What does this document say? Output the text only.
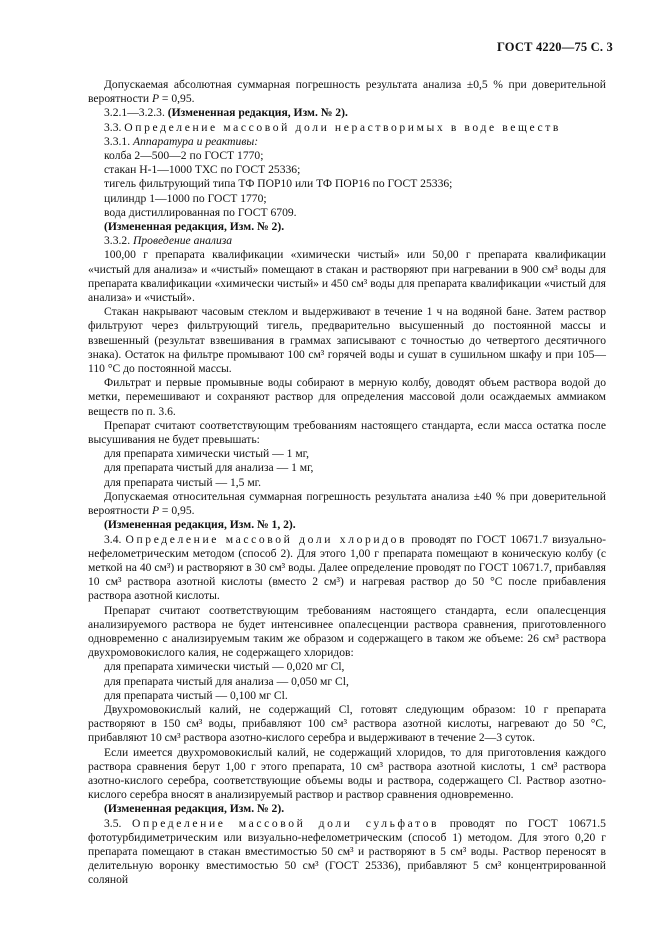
ГОСТ 4220—75 С. 3

Допускаемая абсолютная суммарная погрешность результата анализа ±0,5 % при доверительной вероятности P = 0,95.

3.2.1—3.2.3. (Измененная редакция, Изм. № 2).

3.3. Определение массовой доли нерастворимых в воде веществ

3.3.1. Аппаратура и реактивы:

колба 2—500—2 по ГОСТ 1770;

стакан Н-1—1000 ТХС по ГОСТ 25336;

тигель фильтрующий типа ТФ ПОР10 или ТФ ПОР16 по ГОСТ 25336;

цилиндр 1—1000 по ГОСТ 1770;

вода дистиллированная по ГОСТ 6709.

(Измененная редакция, Изм. № 2).

3.3.2. Проведение анализа

100,00 г препарата квалификации «химически чистый» или 50,00 г препарата квалификации «чистый для анализа» и «чистый» помещают в стакан и растворяют при нагревании в 900 см³ воды для препарата квалификации «химически чистый» и 450 см³ воды для препарата квалификации «чистый для анализа» и «чистый».

Стакан накрывают часовым стеклом и выдерживают в течение 1 ч на водяной бане. Затем раствор фильтруют через фильтрующий тигель, предварительно высушенный до постоянной массы и взвешенный (результат взвешивания в граммах записывают с точностью до четвертого десятичного знака). Остаток на фильтре промывают 100 см³ горячей воды и сушат в сушильном шкафу и при 105—110 °С до постоянной массы.

Фильтрат и первые промывные воды собирают в мерную колбу, доводят объем раствора водой до метки, перемешивают и сохраняют раствор для определения массовой доли осаждаемых аммиаком веществ по п. 3.6.

Препарат считают соответствующим требованиям настоящего стандарта, если масса остатка после высушивания не будет превышать:

для препарата химически чистый — 1 мг,

для препарата чистый для анализа — 1 мг,

для препарата чистый — 1,5 мг.

Допускаемая относительная суммарная погрешность результата анализа ±40 % при доверительной вероятности P = 0,95.

(Измененная редакция, Изм. № 1, 2).

3.4. Определение массовой доли хлоридов проводят по ГОСТ 10671.7 визуально-нефелометрическим методом (способ 2). Для этого 1,00 г препарата помещают в коническую колбу (с меткой на 40 см³) и растворяют в 30 см³ воды. Далее определение проводят по ГОСТ 10671.7, прибавляя 10 см³ раствора азотной кислоты (вместо 2 см³) и нагревая раствор до 50 °С после прибавления раствора азотной кислоты.

Препарат считают соответствующим требованиям настоящего стандарта, если опалесценция анализируемого раствора не будет интенсивнее опалесценции раствора сравнения, приготовленного одновременно с анализируемым таким же образом и содержащего в таком же объеме: 26 см³ раствора двухромовокислого калия, не содержащего хлоридов:

для препарата химически чистый — 0,020 мг Cl,

для препарата чистый для анализа — 0,050 мг Cl,

для препарата чистый — 0,100 мг Cl.

Двухромовокислый калий, не содержащий Cl, готовят следующим образом: 10 г препарата растворяют в 150 см³ воды, прибавляют 100 см³ раствора азотной кислоты, нагревают до 50 °С, прибавляют 10 см³ раствора азотно-кислого серебра и выдерживают в течение 2—3 суток.

Если имеется двухромовокислый калий, не содержащий хлоридов, то для приготовления каждого раствора сравнения берут 1,00 г этого препарата, 10 см³ раствора азотной кислоты, 1 см³ раствора азотно-кислого серебра, соответствующие объемы воды и раствора, содержащего Cl. Раствор азотно-кислого серебра вносят в анализируемый раствор и раствор сравнения одновременно.

(Измененная редакция, Изм. № 2).

3.5. Определение массовой доли сульфатов проводят по ГОСТ 10671.5 фототурбидиметрическим или визуально-нефелометрическим (способ 1) методом. Для этого 0,20 г препарата помещают в стакан вместимостью 50 см³ и растворяют в 5 см³ воды. Раствор переносят в делительную воронку вместимостью 50 см³ (ГОСТ 25336), прибавляют 5 см³ концентрированной соляной
